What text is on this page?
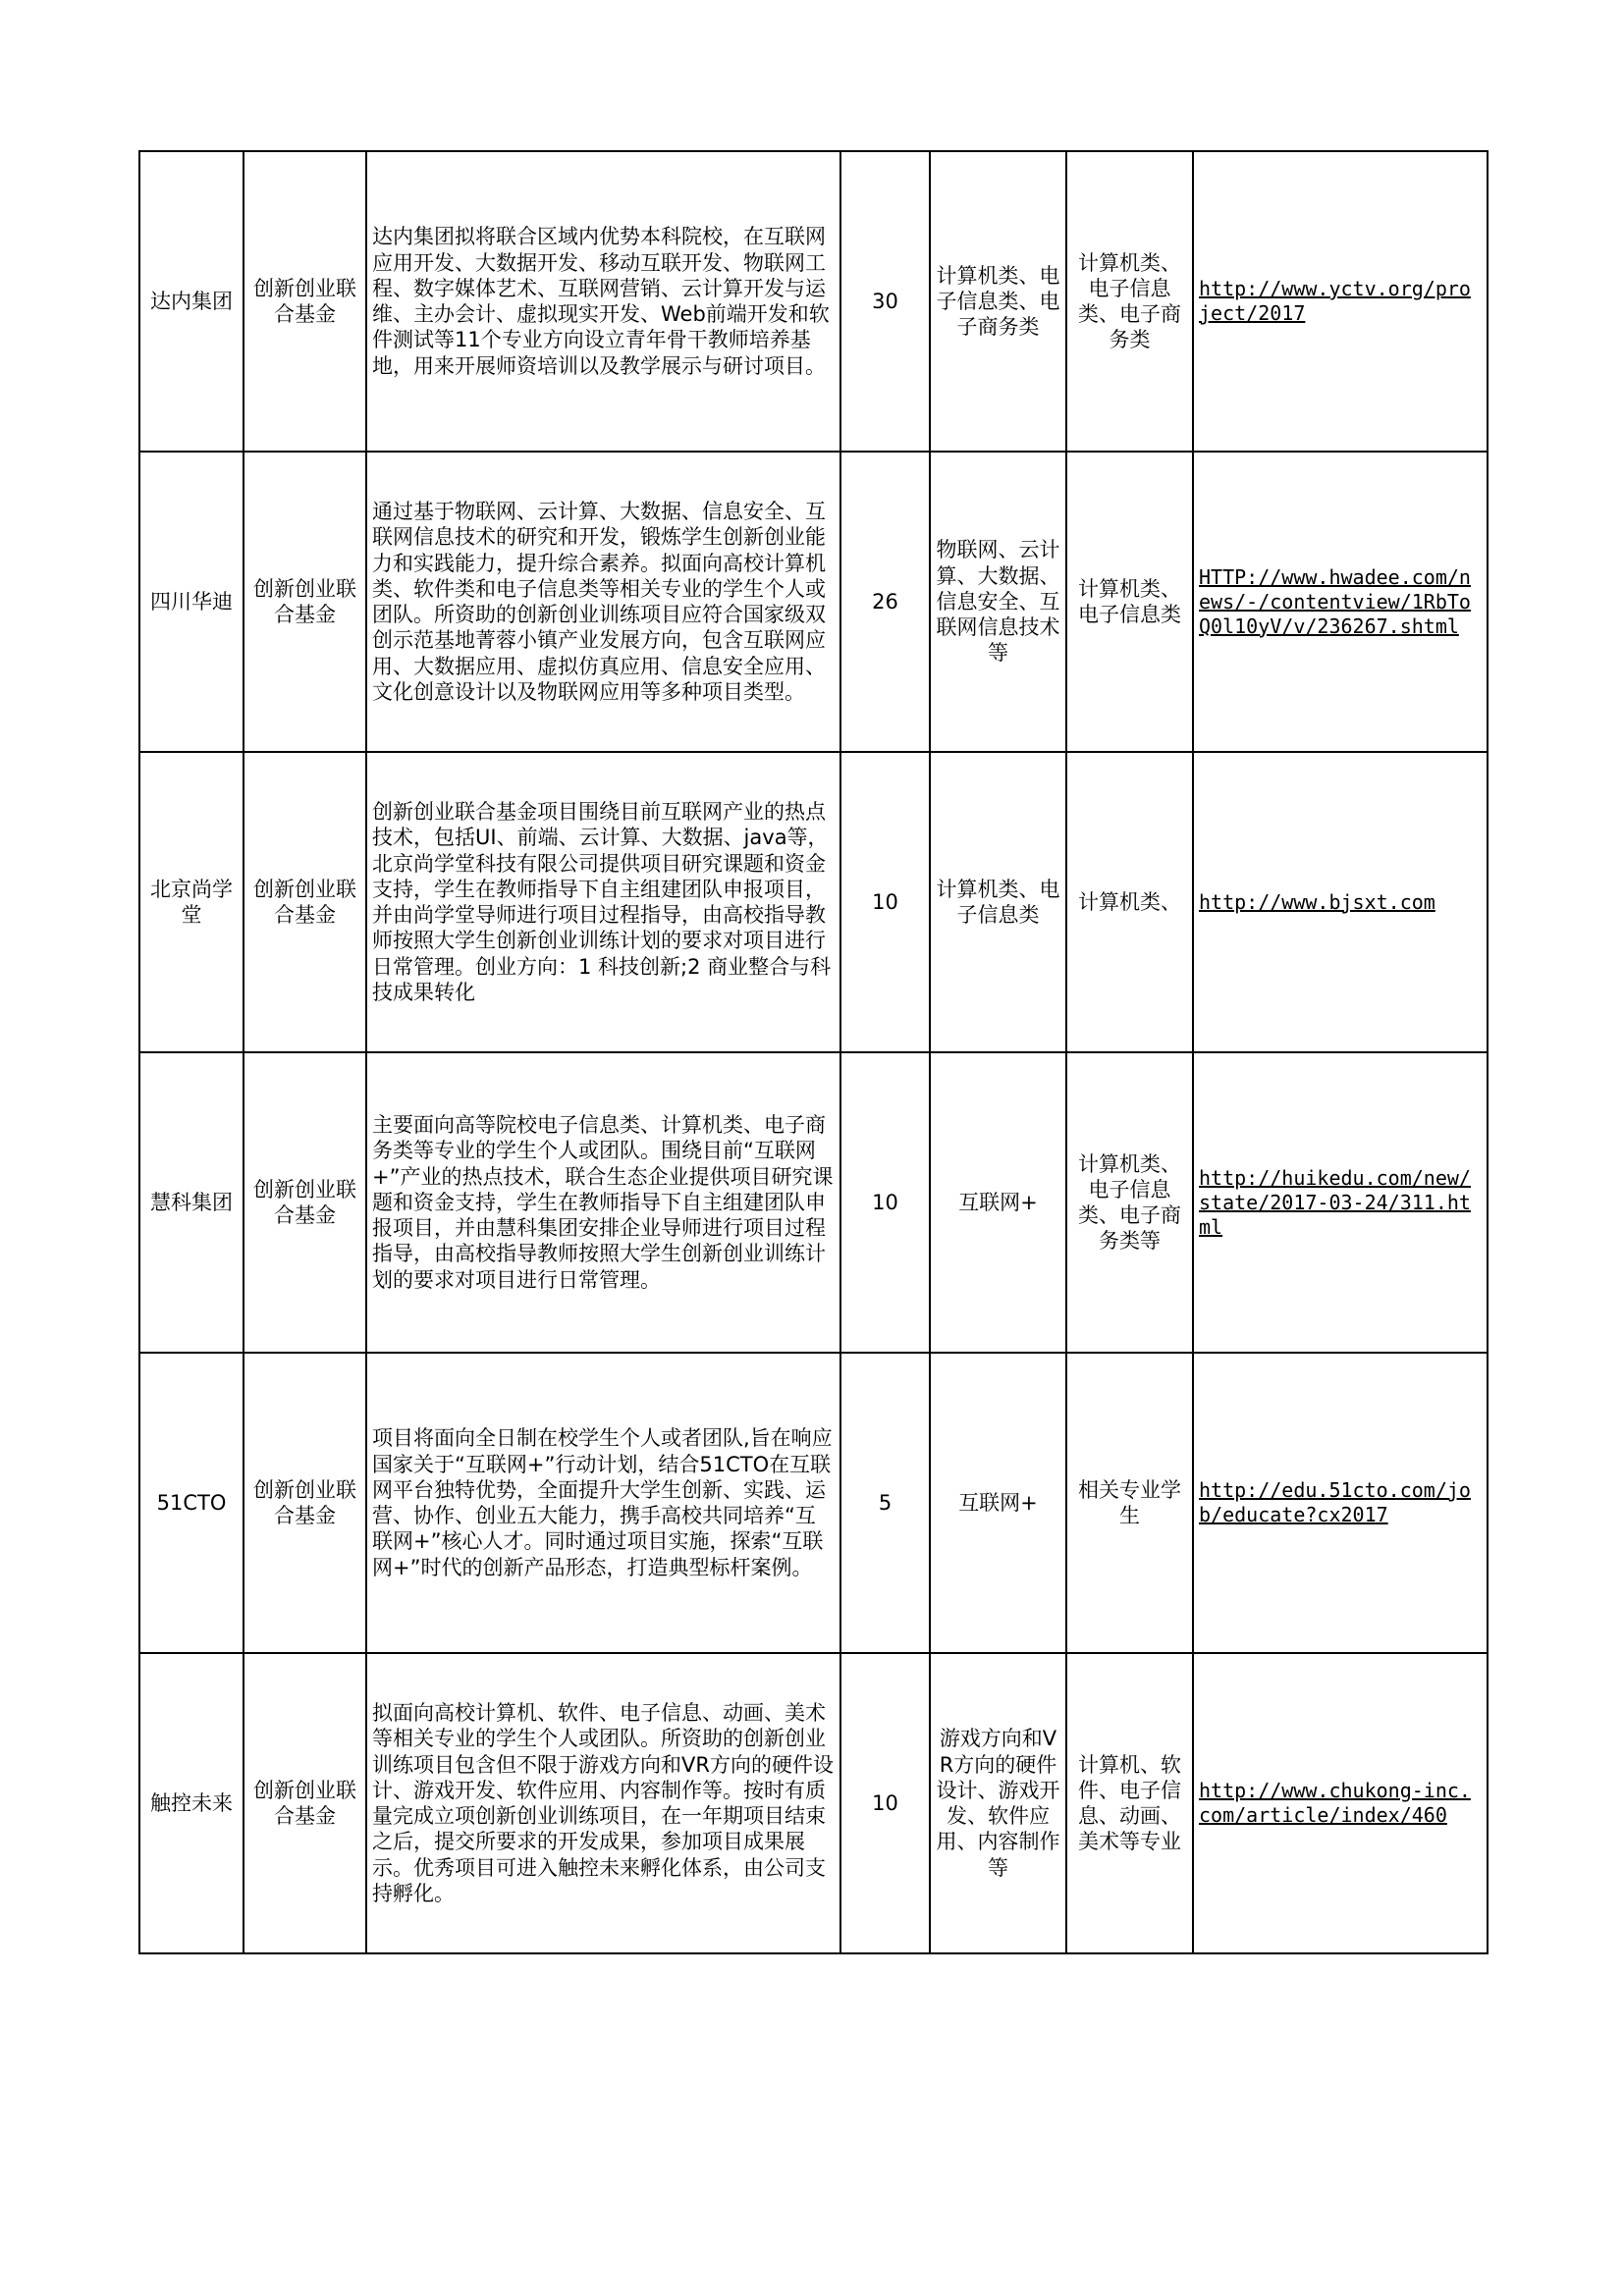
达内集团	创新创业联合基金	达内集团拟将联合区域内优势本科院校，在互联网应用开发、大数据开发、移动互联开发、物联网工程、数字媒体艺术、互联网营销、云计算开发与运维、主办会计、虚拟现实开发、Web前端开发和软件测试等11个专业方向设立青年骨干教师培养基地，用来开展师资培训以及教学展示与研讨项目。	30	计算机类、电子信息类、电子商务类	计算机类、电子信息类、电子商务类	http://www.yctv.org/project/2017
四川华迪	创新创业联合基金	通过基于物联网、云计算、大数据、信息安全、互联网信息技术的研究和开发，锻炼学生创新创业能力和实践能力，提升综合素养。拟面向高校计算机类、软件类和电子信息类等相关专业的学生个人或团队。所资助的创新创业训练项目应符合国家级双创示范基地菁蓉小镇产业发展方向，包含互联网应用、大数据应用、虚拟仿真应用、信息安全应用、文化创意设计以及物联网应用等多种项目类型。	26	物联网、云计算、大数据、信息安全、互联网信息技术等	计算机类、电子信息类	HTTP://www.hwadee.com/news/-/contentview/1RbToQ0l10yV/v/236267.shtml
北京尚学堂	创新创业联合基金	创新创业联合基金项目围绕目前互联网产业的热点技术，包括UI、前端、云计算、大数据、java等，北京尚学堂科技有限公司提供项目研究课题和资金支持，学生在教师指导下自主组建团队申报项目，并由尚学堂导师进行项目过程指导，由高校指导教师按照大学生创新创业训练计划的要求对项目进行日常管理。创业方向：1 科技创新;2 商业整合与科技成果转化	10	计算机类、电子信息类	计算机类、	http://www.bjsxt.com
慧科集团	创新创业联合基金	主要面向高等院校电子信息类、计算机类、电子商务类等专业的学生个人或团队。围绕目前“互联网+”产业的热点技术，联合生态企业提供项目研究课题和资金支持，学生在教师指导下自主组建团队申报项目，并由慧科集团安排企业导师进行项目过程指导，由高校指导教师按照大学生创新创业训练计划的要求对项目进行日常管理。	10	互联网+	计算机类、电子信息类、电子商务类等	http://huikedu.com/new/state/2017-03-24/311.html
51CTO	创新创业联合基金	项目将面向全日制在校学生个人或者团队,旨在响应国家关于“互联网+”行动计划，结合51CTO在互联网平台独特优势，全面提升大学生创新、实践、运营、协作、创业五大能力，携手高校共同培养“互联网+”核心人才。同时通过项目实施，探索“互联网+”时代的创新产品形态，打造典型标杆案例。	5	互联网+	相关专业学生	http://edu.51cto.com/job/educate?cx2017
触控未来	创新创业联合基金	拟面向高校计算机、软件、电子信息、动画、美术等相关专业的学生个人或团队。所资助的创新创业训练项目包含但不限于游戏方向和VR方向的硬件设计、游戏开发、软件应用、内容制作等。按时有质量完成立项创新创业训练项目，在一年期项目结束之后，提交所要求的开发成果，参加项目成果展示。优秀项目可进入触控未来孵化体系，由公司支持孵化。	10	游戏方向和VR方向的硬件设计、游戏开发、软件应用、内容制作等	计算机、软件、电子信息、动画、美术等专业	http://www.chukong-inc.com/article/index/460
